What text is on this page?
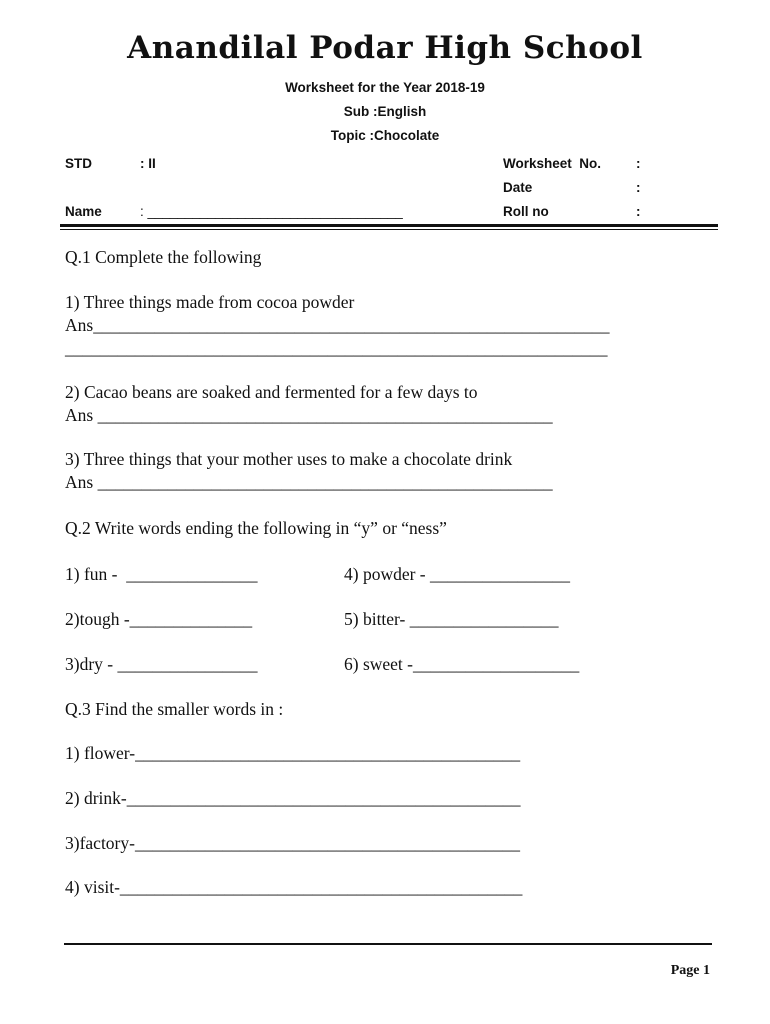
Anandilal Podar High School
Worksheet for the Year 2018-19
Sub :English
Topic :Chocolate
STD	: II	Worksheet  No.	:
Date	:
Name	: __________________________________	Roll no	:
Q.1 Complete the following
1) Three things made from cocoa powder
Ans___________________________________________________________
______________________________________________________________
2) Cacao beans are soaked and fermented for a few days to
Ans ____________________________________________________
3) Three things that your mother uses to make a chocolate drink
Ans ____________________________________________________
Q.2 Write words ending the following in “y” or “ness”
1) fun -  _______________	4) powder - ________________
2)tough -______________	5) bitter- _________________
3)dry - ________________	6) sweet -___________________
Q.3 Find the smaller words in :
1) flower-____________________________________________
2) drink-_____________________________________________
3)factory-____________________________________________
4) visit-______________________________________________
Page 1
